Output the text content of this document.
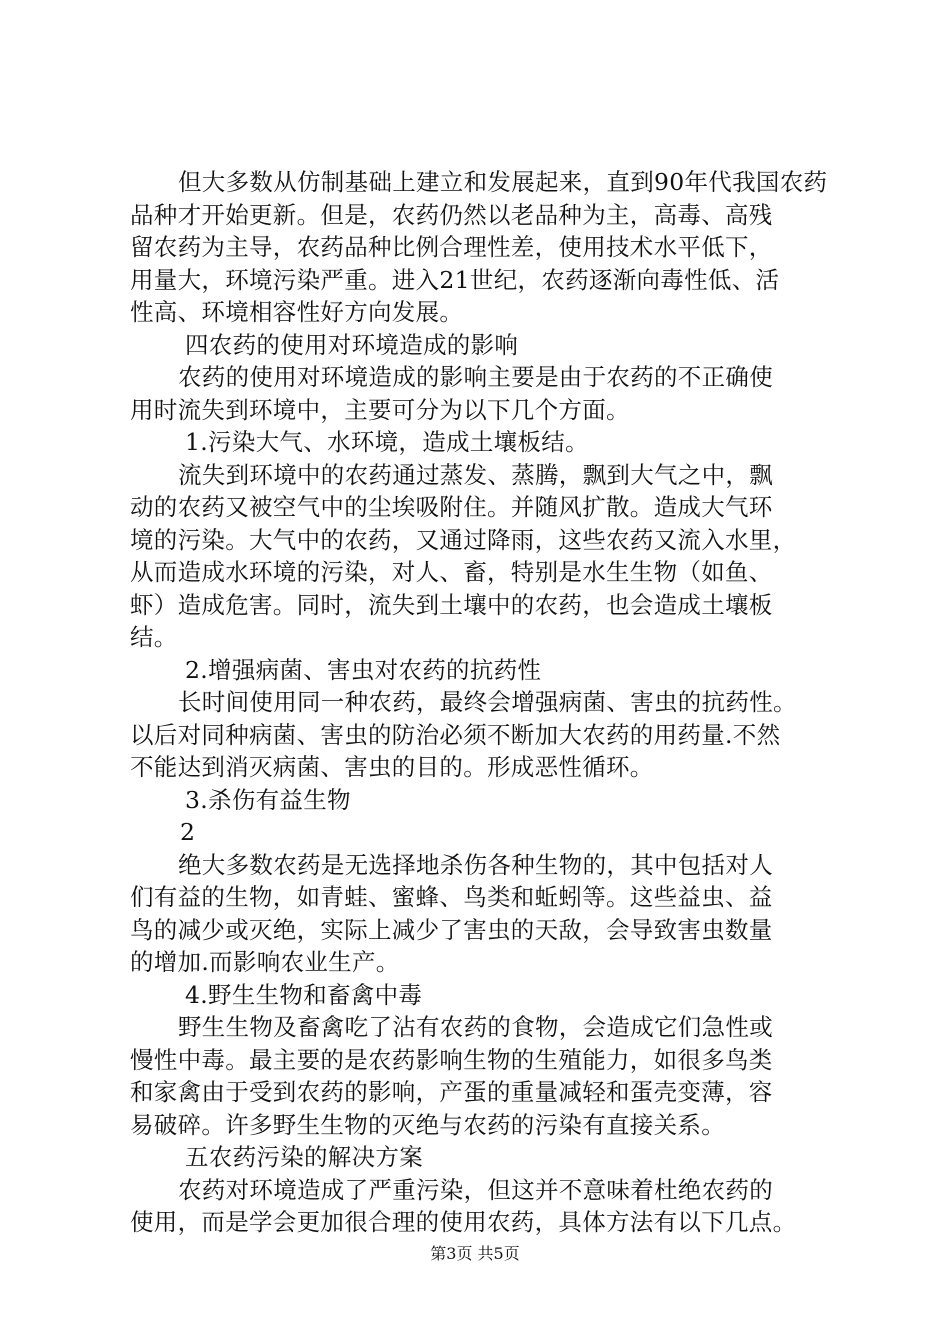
但大多数从仿制基础上建立和发展起来，直到90年代我国农药
品种才开始更新。但是，农药仍然以老品种为主，高毒、高残
留农药为主导，农药品种比例合理性差，使用技术水平低下，
用量大，环境污染严重。进入21世纪，农药逐渐向毒性低、活
性高、环境相容性好方向发展。
四农药的使用对环境造成的影响
农药的使用对环境造成的影响主要是由于农药的不正确使
用时流失到环境中，主要可分为以下几个方面。
1.污染大气、水环境，造成土壤板结。
流失到环境中的农药通过蒸发、蒸腾，飘到大气之中，飘
动的农药又被空气中的尘埃吸附住。并随风扩散。造成大气环
境的污染。大气中的农药，又通过降雨，这些农药又流入水里，
从而造成水环境的污染，对人、畜，特别是水生生物（如鱼、
虾）造成危害。同时，流失到土壤中的农药，也会造成土壤板
结。
2.增强病菌、害虫对农药的抗药性
长时间使用同一种农药，最终会增强病菌、害虫的抗药性。
以后对同种病菌、害虫的防治必须不断加大农药的用药量.不然
不能达到消灭病菌、害虫的目的。形成恶性循环。
3.杀伤有益生物
2
绝大多数农药是无选择地杀伤各种生物的，其中包括对人
们有益的生物，如青蛙、蜜蜂、鸟类和蚯蚓等。这些益虫、益
鸟的减少或灭绝，实际上减少了害虫的天敌，会导致害虫数量
的增加.而影响农业生产。
4.野生生物和畜禽中毒
野生生物及畜禽吃了沾有农药的食物，会造成它们急性或
慢性中毒。最主要的是农药影响生物的生殖能力，如很多鸟类
和家禽由于受到农药的影响，产蛋的重量减轻和蛋壳变薄，容
易破碎。许多野生生物的灭绝与农药的污染有直接关系。
五农药污染的解决方案
农药对环境造成了严重污染，但这并不意味着杜绝农药的
使用，而是学会更加很合理的使用农药，具体方法有以下几点。
第3页 共5页
